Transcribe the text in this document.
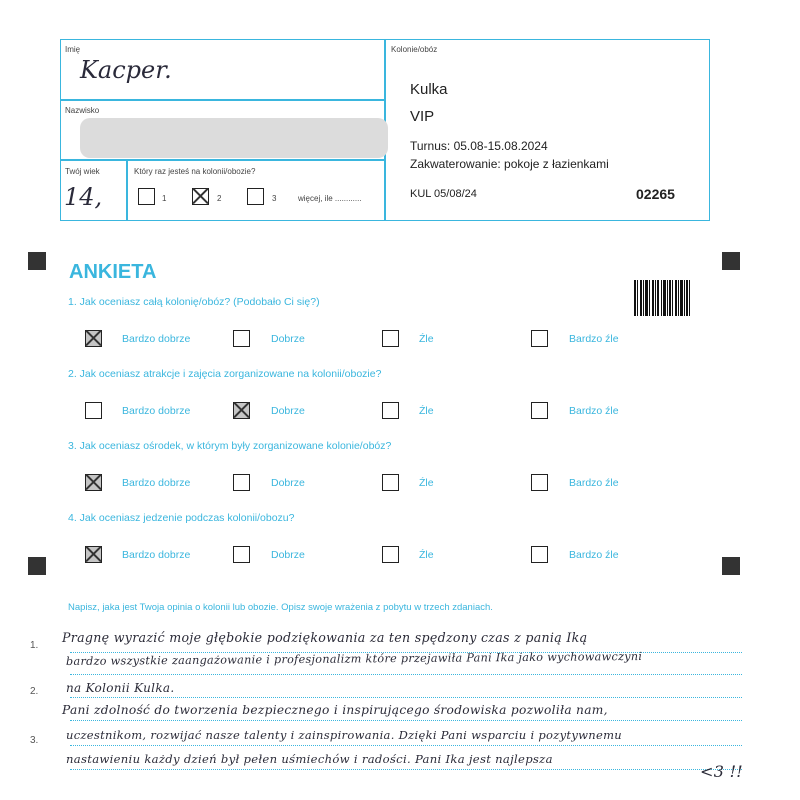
Imię
Kacper.
Nazwisko
Twój wiek
14,
Który raz jesteś na kolonii/obozie?
1	2	3	więcej, ile ............
Kolonie/obóz
Kulka
VIP
Turnus: 05.08-15.08.2024
Zakwaterowanie: pokoje z łazienkami
KUL 05/08/24	02265
ANKIETA
1. Jak oceniasz całą kolonię/obóz? (Podobało Ci się?)
Bardzo dobrze	Dobrze	Źle	Bardzo źle
2. Jak oceniasz atrakcje i zajęcia zorganizowane na kolonii/obozie?
Bardzo dobrze	Dobrze	Źle	Bardzo źle
3. Jak oceniasz ośrodek, w którym były zorganizowane kolonie/obóz?
Bardzo dobrze	Dobrze	Źle	Bardzo źle
4. Jak oceniasz jedzenie podczas kolonii/obozu?
Bardzo dobrze	Dobrze	Źle	Bardzo źle
Napisz, jaka jest Twoja opinia o kolonii lub obozie. Opisz swoje wrażenia z pobytu w trzech zdaniach.
1.
2.
3.
Pragnę wyrazić moje głębokie podziękowania za ten spędzony czas z panią Iką
bardzo wszystkie zaangażowanie i profesjonalizm które przejawiła Pani Ika jako wychowawczyni
na Kolonii Kulka.
Pani zdolność do tworzenia bezpiecznego i inspirującego środowiska pozwoliła nam,
uczestnikom, rozwijać nasze talenty i zainspirowania. Dzięki Pani wsparciu i pozytywnemu
nastawieniu każdy dzień był pełen uśmiechów i radości. Pani Ika jest najlepsza
<3 !!
